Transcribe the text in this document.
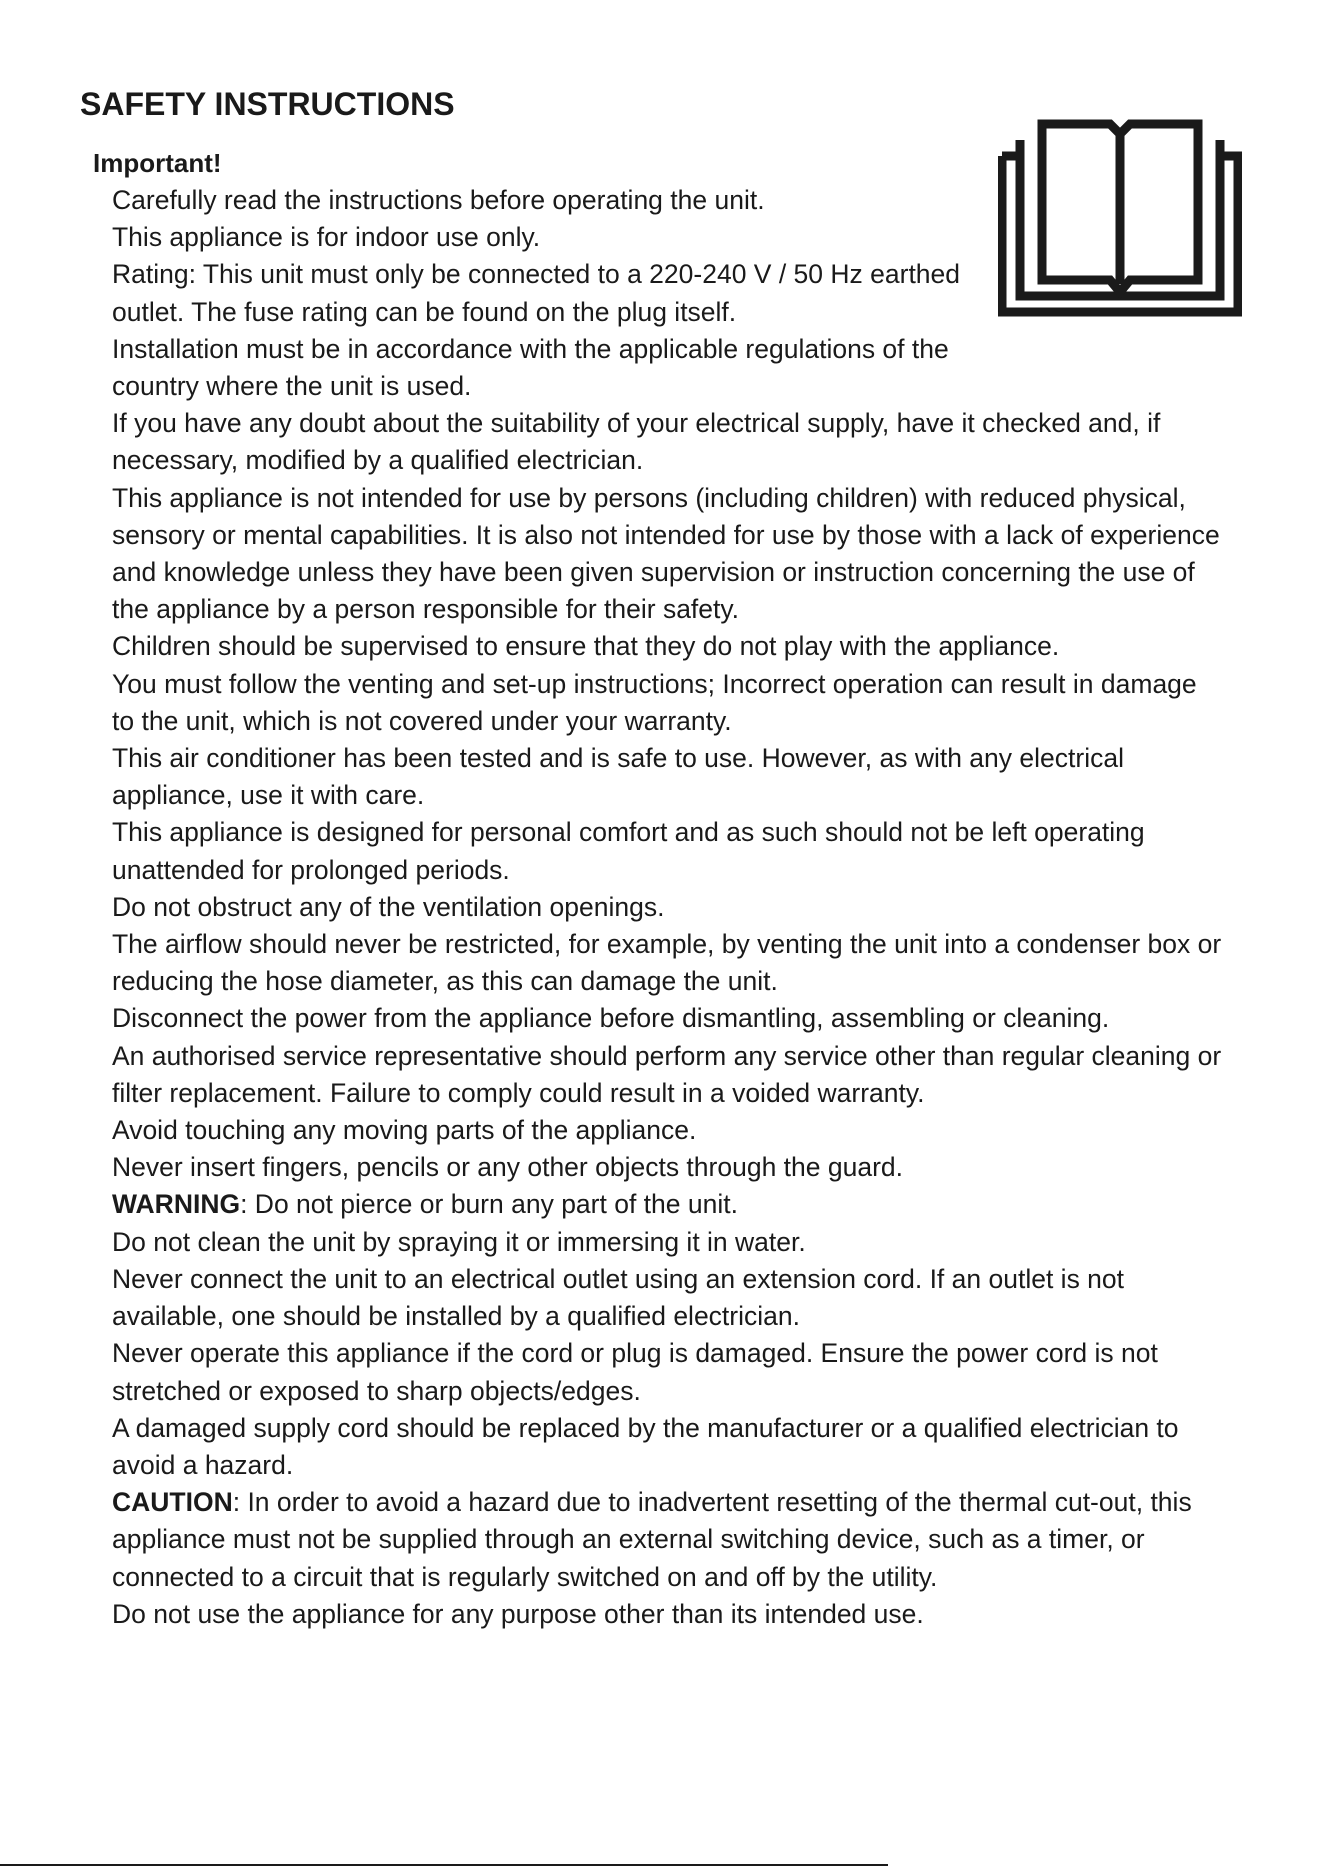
SAFETY INSTRUCTIONS

Important!

Carefully read the instructions before operating the unit.
This appliance is for indoor use only.
Rating: This unit must only be connected to a 220-240 V / 50 Hz earthed outlet. The fuse rating can be found on the plug itself.
Installation must be in accordance with the applicable regulations of the country where the unit is used.
If you have any doubt about the suitability of your electrical supply, have it checked and, if necessary, modified by a qualified electrician.
This appliance is not intended for use by persons (including children) with reduced physical, sensory or mental capabilities. It is also not intended for use by those with a lack of experience and knowledge unless they have been given supervision or instruction concerning the use of the appliance by a person responsible for their safety.
Children should be supervised to ensure that they do not play with the appliance.
You must follow the venting and set-up instructions; Incorrect operation can result in damage to the unit, which is not covered under your warranty.
This air conditioner has been tested and is safe to use. However, as with any electrical appliance, use it with care.
This appliance is designed for personal comfort and as such should not be left operating unattended for prolonged periods.
Do not obstruct any of the ventilation openings.
The airflow should never be restricted, for example, by venting the unit into a condenser box or reducing the hose diameter, as this can damage the unit.
Disconnect the power from the appliance before dismantling, assembling or cleaning.
An authorised service representative should perform any service other than regular cleaning or filter replacement. Failure to comply could result in a voided warranty.
Avoid touching any moving parts of the appliance.
Never insert fingers, pencils or any other objects through the guard.
WARNING: Do not pierce or burn any part of the unit.
Do not clean the unit by spraying it or immersing it in water.
Never connect the unit to an electrical outlet using an extension cord. If an outlet is not available, one should be installed by a qualified electrician.
Never operate this appliance if the cord or plug is damaged. Ensure the power cord is not stretched or exposed to sharp objects/edges.
A damaged supply cord should be replaced by the manufacturer or a qualified electrician to avoid a hazard.
CAUTION: In order to avoid a hazard due to inadvertent resetting of the thermal cut-out, this appliance must not be supplied through an external switching device, such as a timer, or connected to a circuit that is regularly switched on and off by the utility.
Do not use the appliance for any purpose other than its intended use.
